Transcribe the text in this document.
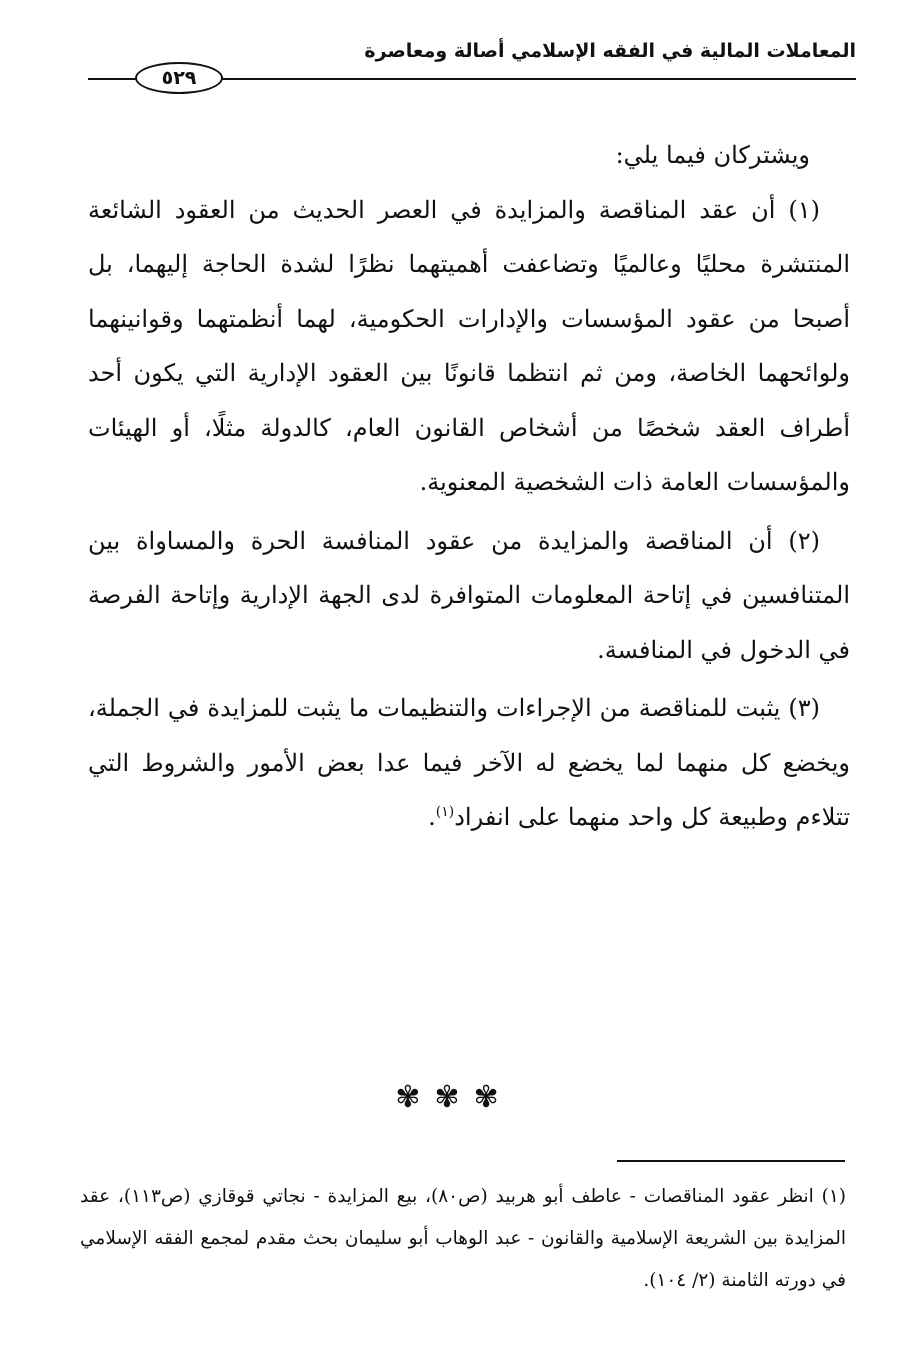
المعاملات المالية في الفقه الإسلامي أصالة ومعاصرة
٥٢٩

ويشتركان فيما يلي:

(١) أن عقد المناقصة والمزايدة في العصر الحديث من العقود الشائعة المنتشرة محليًا وعالميًا وتضاعفت أهميتهما نظرًا لشدة الحاجة إليهما، بل أصبحا من عقود المؤسسات والإدارات الحكومية، لهما أنظمتهما وقوانينهما ولوائحهما الخاصة، ومن ثم انتظما قانونًا بين العقود الإدارية التي يكون أحد أطراف العقد شخصًا من أشخاص القانون العام، كالدولة مثلًا، أو الهيئات والمؤسسات العامة ذات الشخصية المعنوية.

(٢) أن المناقصة والمزايدة من عقود المنافسة الحرة والمساواة بين المتنافسين في إتاحة المعلومات المتوافرة لدى الجهة الإدارية وإتاحة الفرصة في الدخول في المنافسة.

(٣) يثبت للمناقصة من الإجراءات والتنظيمات ما يثبت للمزايدة في الجملة، ويخضع كل منهما لما يخضع له الآخر فيما عدا بعض الأمور والشروط التي تتلاءم وطبيعة كل واحد منهما على انفراد$^{(١)}$.

✾✾✾
(١) انظر عقود المناقصات - عاطف أبو هربيد (ص٨٠)، بيع المزايدة - نجاتي قوقازي (ص١١٣)، عقد المزايدة بين الشريعة الإسلامية والقانون - عبد الوهاب أبو سليمان بحث مقدم لمجمع الفقه الإسلامي في دورته الثامنة (٢/ ١٠٤).
